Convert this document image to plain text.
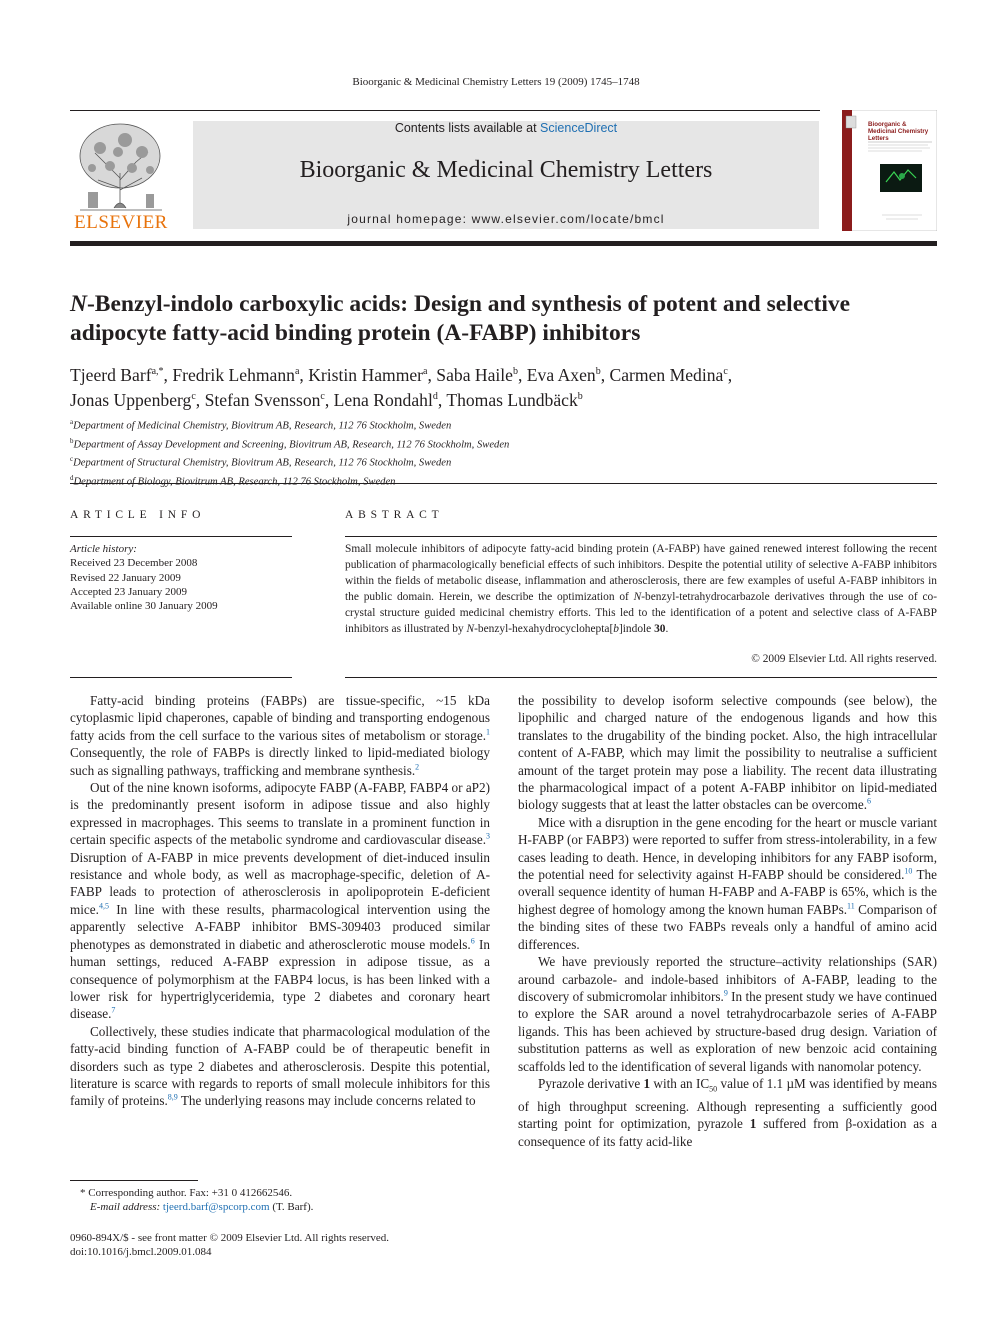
Bioorganic & Medicinal Chemistry Letters 19 (2009) 1745–1748
ELSEVIER
Contents lists available at ScienceDirect
Bioorganic & Medicinal Chemistry Letters
journal homepage: www.elsevier.com/locate/bmcl
Bioorganic & Medicinal Chemistry Letters
N-Benzyl-indolo carboxylic acids: Design and synthesis of potent and selective adipocyte fatty-acid binding protein (A-FABP) inhibitors
Tjeerd Barf$^{a,*}$, Fredrik Lehmann$^a$, Kristin Hammer$^a$, Saba Haile$^b$, Eva Axen$^b$, Carmen Medina$^c$,
Jonas Uppenberg$^c$, Stefan Svensson$^c$, Lena Rondahl$^d$, Thomas Lundbäck$^b$
$^a$Department of Medicinal Chemistry, Biovitrum AB, Research, 112 76 Stockholm, Sweden
$^b$Department of Assay Development and Screening, Biovitrum AB, Research, 112 76 Stockholm, Sweden
$^c$Department of Structural Chemistry, Biovitrum AB, Research, 112 76 Stockholm, Sweden
$^d$
ARTICLE INFO	ABSTRACT
Article history:
Received 23 December 2008
Revised 22 January 2009
Accepted 23 January 2009
Available online 30 January 2009
Small molecule inhibitors of adipocyte fatty-acid binding protein (A-FABP) have gained renewed interest following the recent publication of pharmacologically beneficial effects of such inhibitors. Despite the potential utility of selective A-FABP inhibitors within the fields of metabolic disease, inflammation and atherosclerosis, there are few examples of useful A-FABP inhibitors in the public domain. Herein, we describe the optimization of N-benzyl-tetrahydrocarbazole derivatives through the use of co-crystal structure guided medicinal chemistry efforts. This led to the identification of a potent and selective class of A-FABP inhibitors as illustrated by N-benzyl-hexahydrocyclohepta[b]indole 30.
© 2009 Elsevier Ltd. All rights reserved.

Fatty-acid binding proteins (FABPs) are tissue-specific, ~15 kDa cytoplasmic lipid chaperones, capable of binding and transporting endogenous fatty acids from the cell surface to the various sites of metabolism or storage.$^1$ Consequently, the role of FABPs is directly linked to lipid-mediated biology such as signalling pathways, trafficking and membrane synthesis.$^2$

Out of the nine known isoforms, adipocyte FABP (A-FABP, FABP4 or aP2) is the predominantly present isoform in adipose tissue and also highly expressed in macrophages. This seems to translate in a prominent function in certain specific aspects of the metabolic syndrome and cardiovascular disease.$^3$ Disruption of A-FABP in mice prevents development of diet-induced insulin resistance and whole body, as well as macrophage-specific, deletion of A-FABP leads to protection of atherosclerosis in apolipoprotein E-deficient mice.$^{4,5}$ In line with these results, pharmacological intervention using the apparently selective A-FABP inhibitor BMS-309403 produced similar phenotypes as demonstrated in diabetic and atherosclerotic mouse models.$^6$ In human settings, reduced A-FABP expression in adipose tissue, as a consequence of polymorphism at the FABP4 locus, is has been linked with a lower risk for hypertriglyceridemia, type 2 diabetes and coronary heart disease.$^7$

Collectively, these studies indicate that pharmacological modulation of the fatty-acid binding function of A-FABP could be of therapeutic benefit in disorders such as type 2 diabetes and atherosclerosis. Despite this potential, literature is scarce with regards to reports of small molecule inhibitors for this family of proteins.$^{8,9}$ The underlying reasons may include concerns related to

the possibility to develop isoform selective compounds (see below), the lipophilic and charged nature of the endogenous ligands and how this translates to the drugability of the binding pocket. Also, the high intracellular content of A-FABP, which may limit the possibility to neutralise a sufficient amount of the target protein may pose a liability. The recent data illustrating the pharmacological impact of a potent A-FABP inhibitor on lipid-mediated biology suggests that at least the latter obstacles can be overcome.$^6$

Mice with a disruption in the gene encoding for the heart or muscle variant H-FABP (or FABP3) were reported to suffer from stress-intolerability, in a few cases leading to death. Hence, in developing inhibitors for any FABP isoform, the potential need for selectivity against H-FABP should be considered.$^{10}$ The overall sequence identity of human H-FABP and A-FABP is 65%, which is the highest degree of homology among the known human FABPs.$^{11}$ Comparison of the binding sites of these two FABPs reveals only a handful of amino acid differences.

We have previously reported the structure–activity relationships (SAR) around carbazole- and indole-based inhibitors of A-FABP, leading to the discovery of submicromolar inhibitors.$^9$ In the present study we have continued to explore the SAR around a novel tetrahydrocarbazole series of A-FABP ligands. This has been achieved by structure-based drug design. Variation of substitution patterns as well as exploration of new benzoic acid containing scaffolds led to the identification of several ligands with nanomolar potency.

Pyrazole derivative 1 with an $IC_{50}$ value of 1.1 µM was identified by means of high throughput screening. Although representing a sufficiently good starting point for optimization, pyrazole 1 suffered from β-oxidation as a consequence of its fatty acid-like

* Corresponding author. Fax: +31 0 412662546.
E-mail address: tjeerd.barf@spcorp.com (T. Barf).
0960-894X/$ - see front matter © 2009 Elsevier Ltd. All rights reserved.
doi:10.1016/j.bmcl.2009.01.084
